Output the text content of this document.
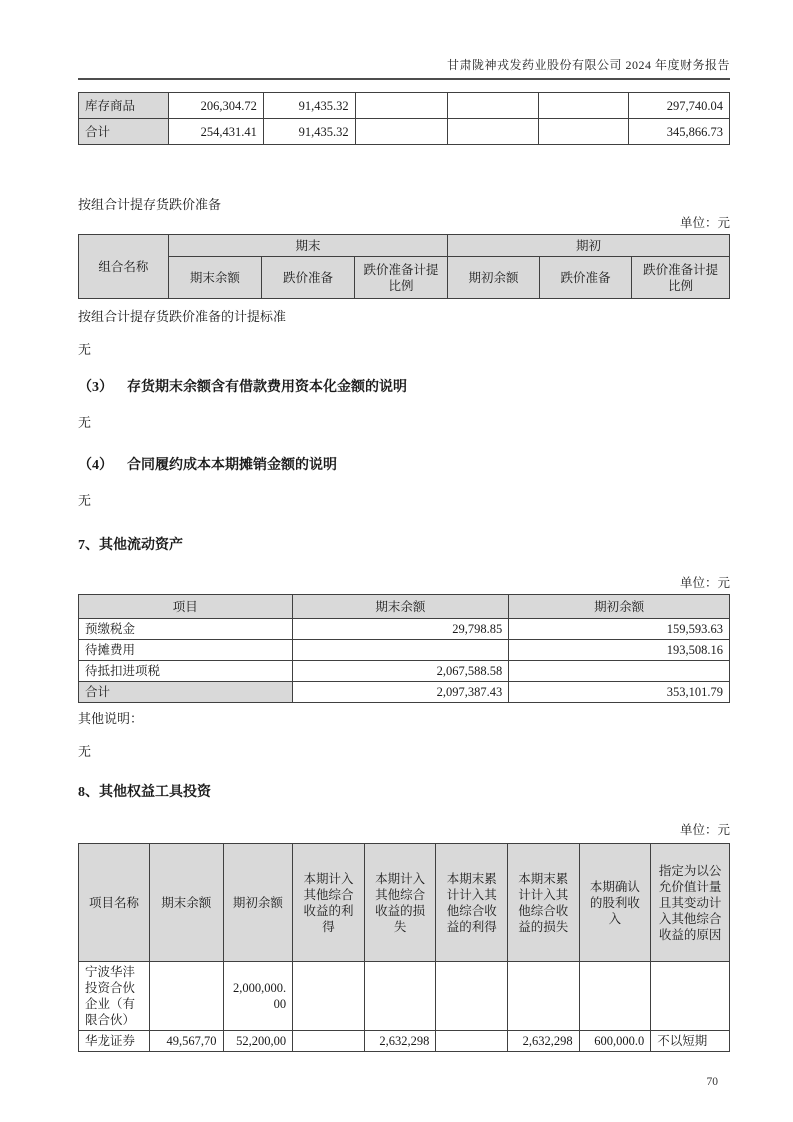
甘肃陇神戎发药业股份有限公司 2024 年度财务报告
库存商品	206,304.72	91,435.32				297,740.04
合计	254,431.41	91,435.32				345,866.73

按组合计提存货跌价准备

单位：元
组合名称	期末			期初		
	期末余额	跌价准备	跌价准备计提比例	期初余额	跌价准备	跌价准备计提比例

按组合计提存货跌价准备的计提标准

无

（3） 存货期末余额含有借款费用资本化金额的说明

无

（4） 合同履约成本本期摊销金额的说明

无

7、其他流动资产
单位：元
项目	期末余额	期初余额
预缴税金	29,798.85	159,593.63
待摊费用		193,508.16
待抵扣进项税	2,067,588.58	
合计	2,097,387.43	353,101.79

其他说明：

无

8、其他权益工具投资
单位：元
项目名称	期末余额	期初余额	本期计入其他综合收益的利得	本期计入其他综合收益的损失	本期末累计计入其他综合收益的利得	本期末累计计入其他综合收益的损失	本期确认的股利收入	指定为以公允价值计量且其变动计入其他综合收益的原因
宁波华沣投资合伙企业（有限合伙）		2,000,000.00						
华龙证券	49,567,70	52,200,00		2,632,298		2,632,298	600,000.0	不以短期
70
